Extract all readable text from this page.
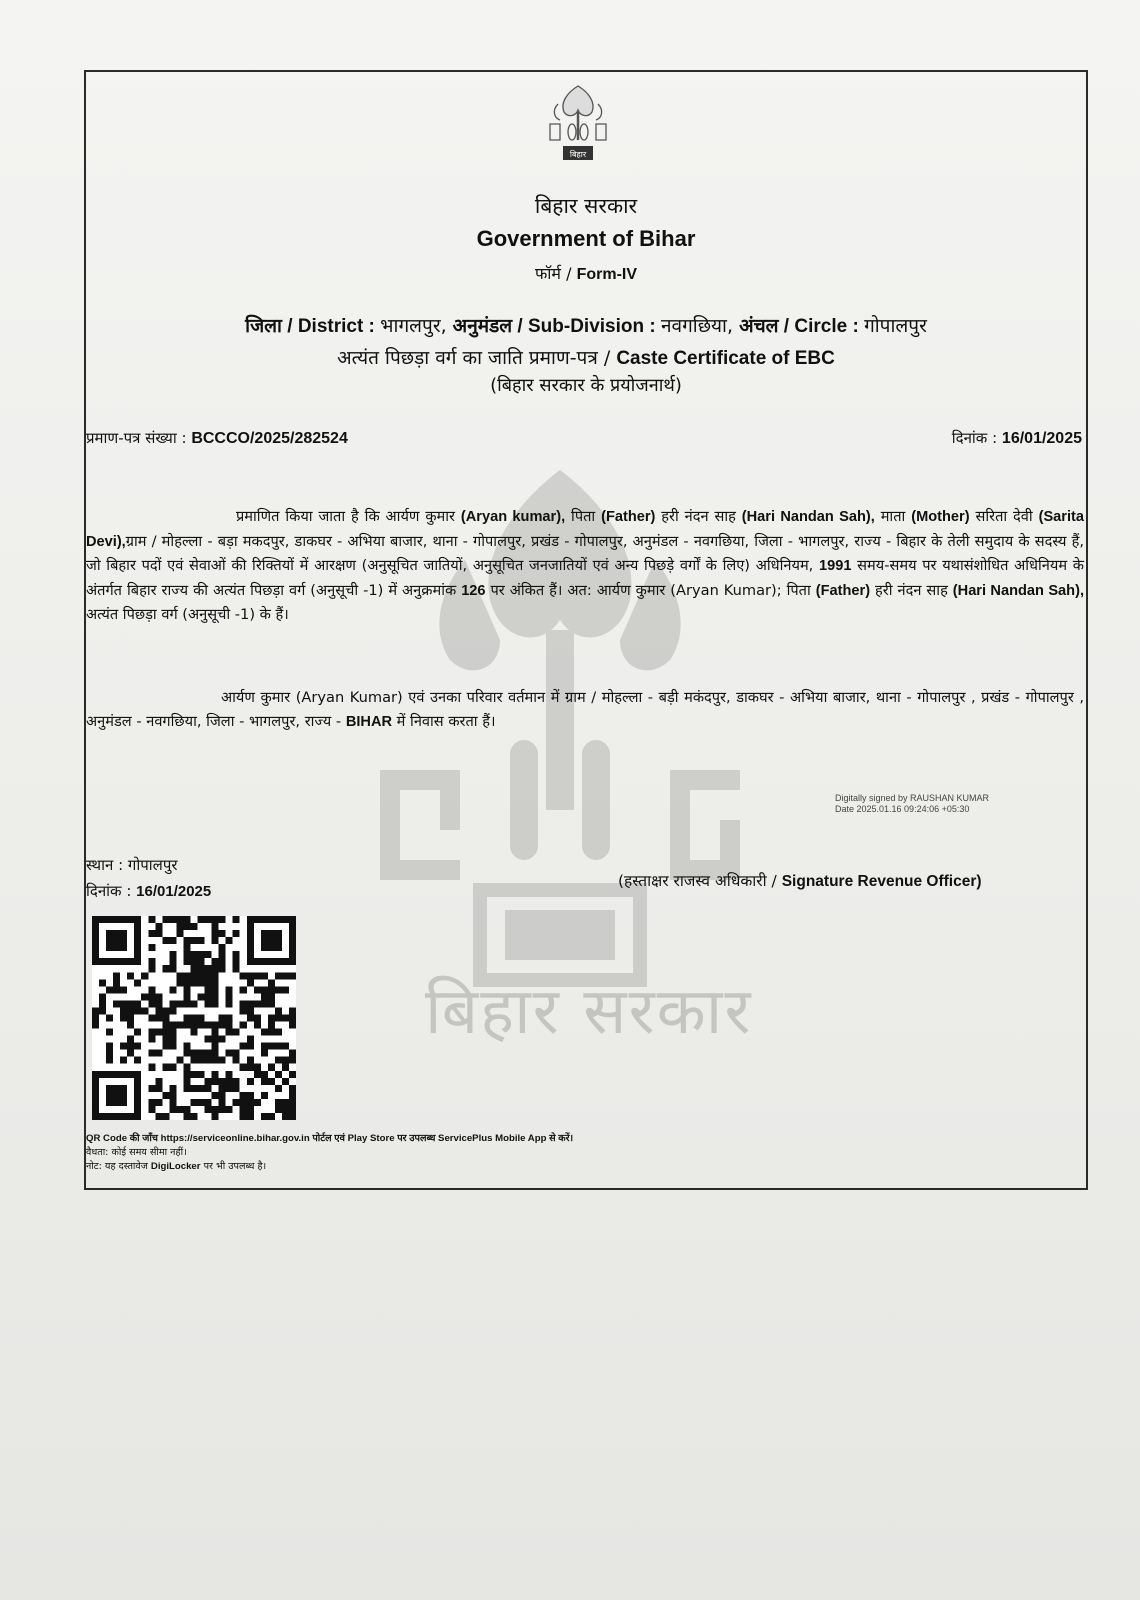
बिहार सरकार
बिहार
बिहार सरकार
Government of Bihar
फॉर्म / Form-IV
जिला / District : भागलपुर, अनुमंडल / Sub-Division : नवगछिया, अंचल / Circle : गोपालपुर
अत्यंत पिछड़ा वर्ग का जाति प्रमाण-पत्र / Caste Certificate of EBC
(बिहार सरकार के प्रयोजनार्थ)
प्रमाण-पत्र संख्या : BCCCO/2025/282524	दिनांक : 16/01/2025
प्रमाणित किया जाता है कि आर्यण कुमार (Aryan kumar), पिता (Father) हरी नंदन साह (Hari Nandan Sah), माता (Mother) सरिता देवी (Sarita Devi),ग्राम / मोहल्ला - बड़ा मकदपुर, डाकघर - अभिया बाजार, थाना - गोपालपुर, प्रखंड - गोपालपुर, अनुमंडल - नवगछिया, जिला - भागलपुर, राज्य - बिहार के तेली समुदाय के सदस्य हैं, जो बिहार पदों एवं सेवाओं की रिक्तियों में आरक्षण (अनुसूचित जातियों, अनुसूचित जनजातियों एवं अन्य पिछड़े वर्गों के लिए) अधिनियम, 1991 समय-समय पर यथासंशोधित अधिनियम के अंतर्गत बिहार राज्य की अत्यंत पिछड़ा वर्ग (अनुसूची -1) में अनुक्रमांक 126 पर अंकित हैं। अत: आर्यण कुमार (Aryan Kumar); पिता (Father) हरी नंदन साह (Hari Nandan Sah), अत्यंत पिछड़ा वर्ग (अनुसूची -1) के हैं।
आर्यण कुमार (Aryan Kumar) एवं उनका परिवार वर्तमान में ग्राम / मोहल्ला - बड़ी मकंदपुर, डाकघर - अभिया बाजार, थाना - गोपालपुर , प्रखंड - गोपालपुर , अनुमंडल - नवगछिया, जिला - भागलपुर, राज्य - BIHAR में निवास करता हैं।
Digitally signed by RAUSHAN KUMAR
Date 2025.01.16 09:24:06 +05:30
(हस्ताक्षर राजस्व अधिकारी / Signature Revenue Officer)
स्थान : गोपालपुर
दिनांक : 16/01/2025
QR Code की जाँच https://serviceonline.bihar.gov.in पोर्टल एवं Play Store पर उपलब्ध ServicePlus Mobile App से करें।
वैधता: कोई समय सीमा नहीं।
नोट: यह दस्तावेज DigiLocker पर भी उपलब्ध है।
